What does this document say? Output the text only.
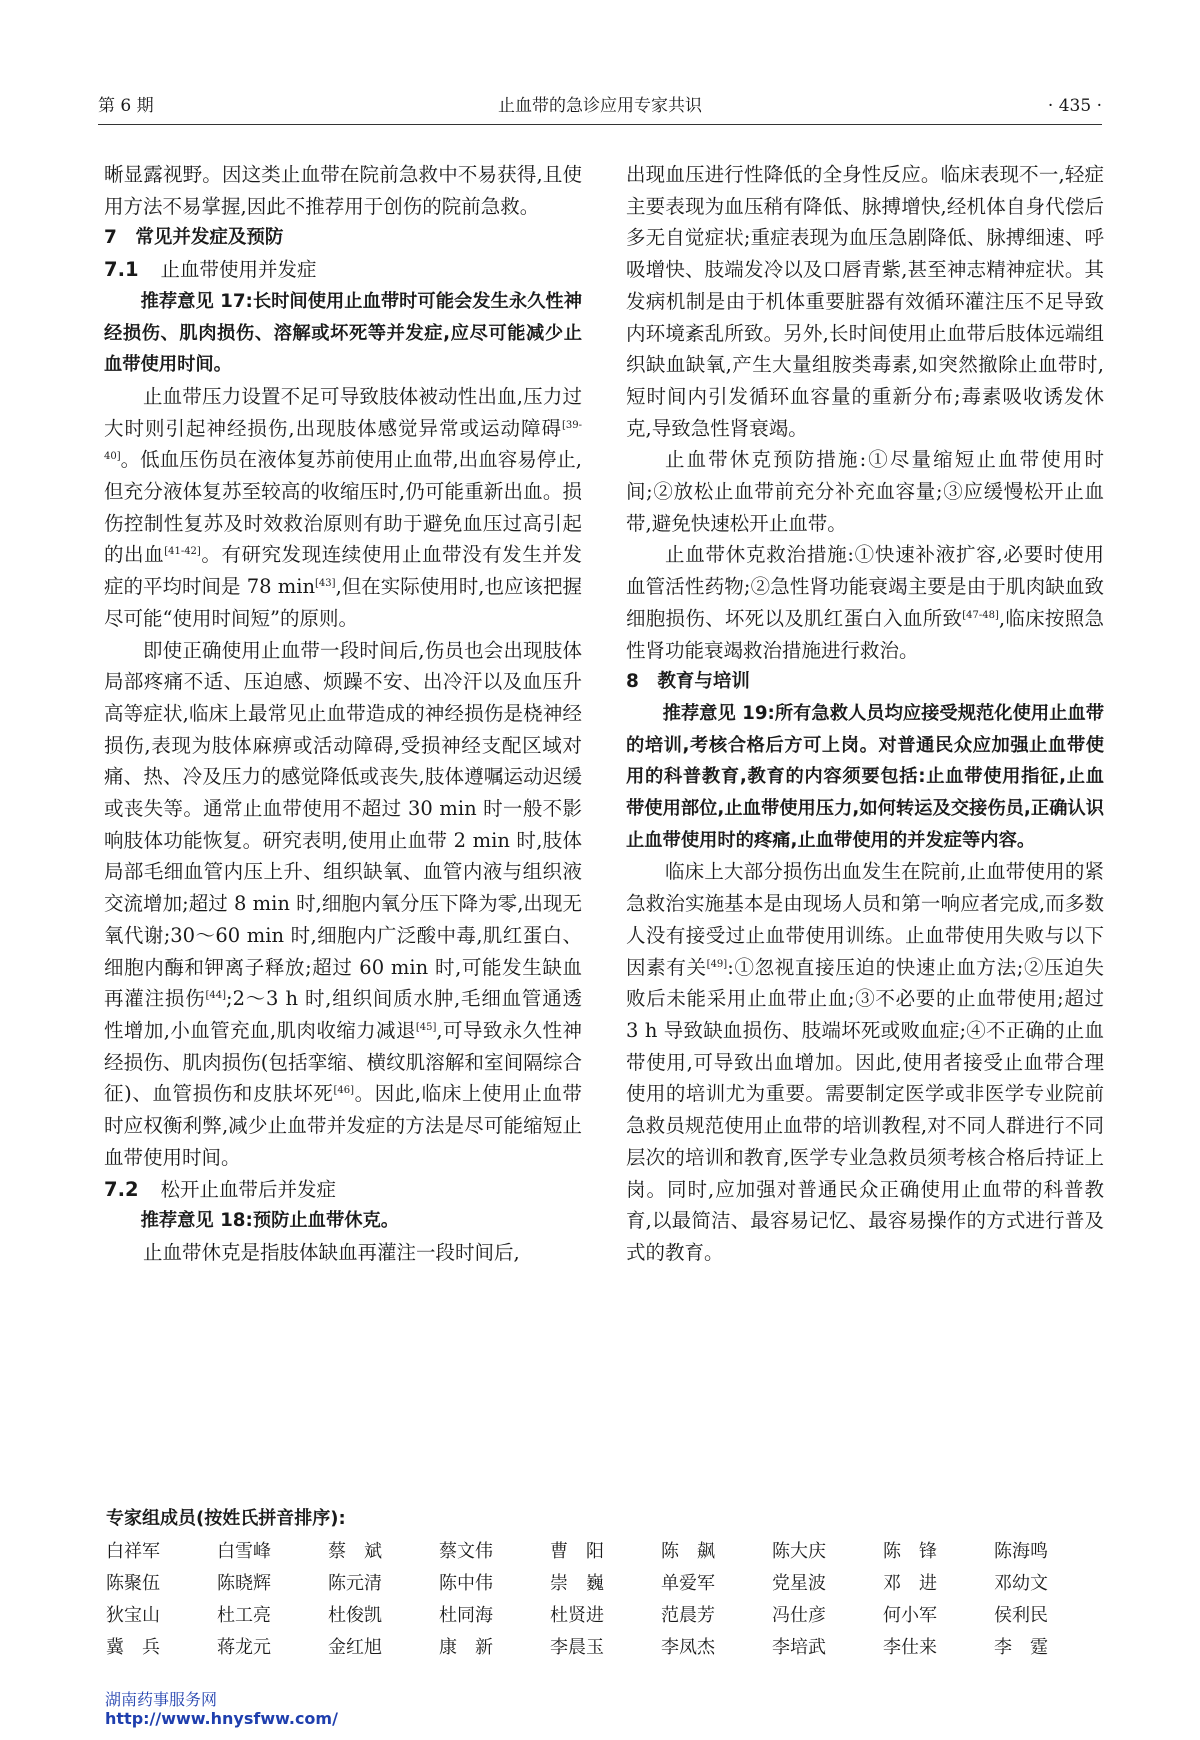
第 6 期	止血带的急诊应用专家共识	· 435 ·

晰显露视野。因这类止血带在院前急救中不易获得,且使用方法不易掌握,因此不推荐用于创伤的院前急救。

7　常见并发症及预防

7.1 止血带使用并发症

推荐意见 17:长时间使用止血带时可能会发生永久性神经损伤、肌肉损伤、溶解或坏死等并发症,应尽可能减少止血带使用时间。

止血带压力设置不足可导致肢体被动性出血,压力过大时则引起神经损伤,出现肢体感觉异常或运动障碍[39-40]。低血压伤员在液体复苏前使用止血带,出血容易停止,但充分液体复苏至较高的收缩压时,仍可能重新出血。损伤控制性复苏及时效救治原则有助于避免血压过高引起的出血[41-42]。有研究发现连续使用止血带没有发生并发症的平均时间是 78 min[43],但在实际使用时,也应该把握尽可能“使用时间短”的原则。

即使正确使用止血带一段时间后,伤员也会出现肢体局部疼痛不适、压迫感、烦躁不安、出冷汗以及血压升高等症状,临床上最常见止血带造成的神经损伤是桡神经损伤,表现为肢体麻痹或活动障碍,受损神经支配区域对痛、热、冷及压力的感觉降低或丧失,肢体遵嘱运动迟缓或丧失等。通常止血带使用不超过 30 min 时一般不影响肢体功能恢复。研究表明,使用止血带 2 min 时,肢体局部毛细血管内压上升、组织缺氧、血管内液与组织液交流增加;超过 8 min 时,细胞内氧分压下降为零,出现无氧代谢;30～60 min 时,细胞内广泛酸中毒,肌红蛋白、细胞内酶和钾离子释放;超过 60 min 时,可能发生缺血再灌注损伤[44];2～3 h 时,组织间质水肿,毛细血管通透性增加,小血管充血,肌肉收缩力减退[45],可导致永久性神经损伤、肌肉损伤(包括挛缩、横纹肌溶解和室间隔综合征)、血管损伤和皮肤坏死[46]。因此,临床上使用止血带时应权衡利弊,减少止血带并发症的方法是尽可能缩短止血带使用时间。

7.2 松开止血带后并发症

推荐意见 18:预防止血带休克。

止血带休克是指肢体缺血再灌注一段时间后,

出现血压进行性降低的全身性反应。临床表现不一,轻症主要表现为血压稍有降低、脉搏增快,经机体自身代偿后多无自觉症状;重症表现为血压急剧降低、脉搏细速、呼吸增快、肢端发冷以及口唇青紫,甚至神志精神症状。其发病机制是由于机体重要脏器有效循环灌注压不足导致内环境紊乱所致。另外,长时间使用止血带后肢体远端组织缺血缺氧,产生大量组胺类毒素,如突然撤除止血带时,短时间内引发循环血容量的重新分布;毒素吸收诱发休克,导致急性肾衰竭。

止血带休克预防措施:①尽量缩短止血带使用时间;②放松止血带前充分补充血容量;③应缓慢松开止血带,避免快速松开止血带。

止血带休克救治措施:①快速补液扩容,必要时使用血管活性药物;②急性肾功能衰竭主要是由于肌肉缺血致细胞损伤、坏死以及肌红蛋白入血所致[47-48],临床按照急性肾功能衰竭救治措施进行救治。

8　教育与培训

推荐意见 19:所有急救人员均应接受规范化使用止血带的培训,考核合格后方可上岗。对普通民众应加强止血带使用的科普教育,教育的内容须要包括:止血带使用指征,止血带使用部位,止血带使用压力,如何转运及交接伤员,正确认识止血带使用时的疼痛,止血带使用的并发症等内容。

临床上大部分损伤出血发生在院前,止血带使用的紧急救治实施基本是由现场人员和第一响应者完成,而多数人没有接受过止血带使用训练。止血带使用失败与以下因素有关[49]:①忽视直接压迫的快速止血方法;②压迫失败后未能采用止血带止血;③不必要的止血带使用;超过 3 h 导致缺血损伤、肢端坏死或败血症;④不正确的止血带使用,可导致出血增加。因此,使用者接受止血带合理使用的培训尤为重要。需要制定医学或非医学专业院前急救员规范使用止血带的培训教程,对不同人群进行不同层次的培训和教育,医学专业急救员须考核合格后持证上岗。同时,应加强对普通民众正确使用止血带的科普教育,以最简洁、最容易记忆、最容易操作的方式进行普及式的教育。

专家组成员(按姓氏拼音排序):

白祥军	白雪峰	蔡　斌	蔡文伟	曹　阳	陈　飙	陈大庆	陈　锋	陈海鸣
陈聚伍	陈晓辉	陈元清	陈中伟	崇　巍	单爱军	党星波	邓　进	邓幼文
狄宝山	杜工亮	杜俊凯	杜同海	杜贤进	范晨芳	冯仕彦	何小军	侯利民
冀　兵	蒋龙元	金红旭	康　新	李晨玉	李凤杰	李培武	李仕来	李　霆
湖南药事服务网
http://www.hnysfww.com/
